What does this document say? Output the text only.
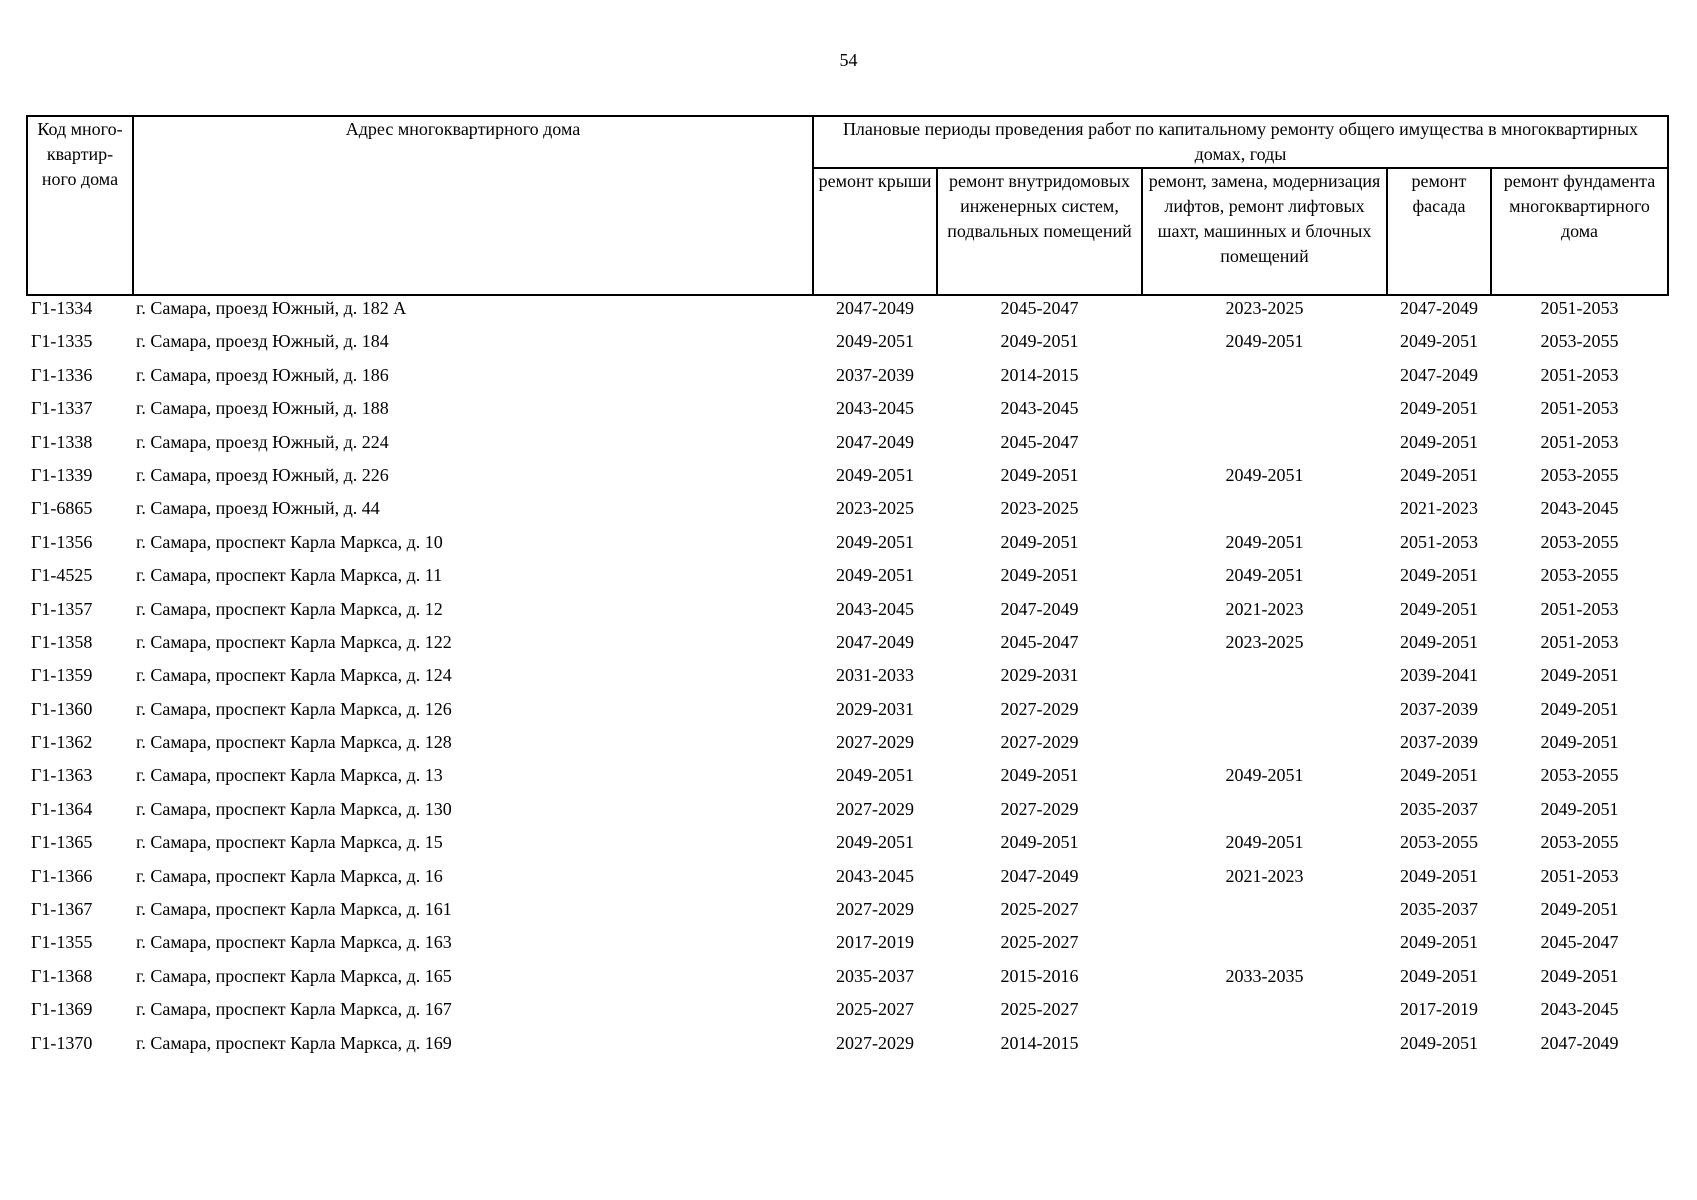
54
Код много-квартир-ного дома	Адрес многоквартирного дома	Плановые периоды проведения работ по капитальному ремонту общего имущества в многоквартирных домах, годы				
		ремонт крыши	ремонт внутридомовых инженерных систем, подвальных помещений	ремонт, замена, модернизация лифтов, ремонт лифтовых шахт, машинных и блочных помещений	ремонт фасада	ремонт фундамента многоквартирного дома
Г1-1334	г. Самара, проезд Южный, д. 182 А	2047-2049	2045-2047	2023-2025	2047-2049	2051-2053
Г1-1335	г. Самара, проезд Южный, д. 184	2049-2051	2049-2051	2049-2051	2049-2051	2053-2055
Г1-1336	г. Самара, проезд Южный, д. 186	2037-2039	2014-2015		2047-2049	2051-2053
Г1-1337	г. Самара, проезд Южный, д. 188	2043-2045	2043-2045		2049-2051	2051-2053
Г1-1338	г. Самара, проезд Южный, д. 224	2047-2049	2045-2047		2049-2051	2051-2053
Г1-1339	г. Самара, проезд Южный, д. 226	2049-2051	2049-2051	2049-2051	2049-2051	2053-2055
Г1-6865	г. Самара, проезд Южный, д. 44	2023-2025	2023-2025		2021-2023	2043-2045
Г1-1356	г. Самара, проспект Карла Маркса, д. 10	2049-2051	2049-2051	2049-2051	2051-2053	2053-2055
Г1-4525	г. Самара, проспект Карла Маркса, д. 11	2049-2051	2049-2051	2049-2051	2049-2051	2053-2055
Г1-1357	г. Самара, проспект Карла Маркса, д. 12	2043-2045	2047-2049	2021-2023	2049-2051	2051-2053
Г1-1358	г. Самара, проспект Карла Маркса, д. 122	2047-2049	2045-2047	2023-2025	2049-2051	2051-2053
Г1-1359	г. Самара, проспект Карла Маркса, д. 124	2031-2033	2029-2031		2039-2041	2049-2051
Г1-1360	г. Самара, проспект Карла Маркса, д. 126	2029-2031	2027-2029		2037-2039	2049-2051
Г1-1362	г. Самара, проспект Карла Маркса, д. 128	2027-2029	2027-2029		2037-2039	2049-2051
Г1-1363	г. Самара, проспект Карла Маркса, д. 13	2049-2051	2049-2051	2049-2051	2049-2051	2053-2055
Г1-1364	г. Самара, проспект Карла Маркса, д. 130	2027-2029	2027-2029		2035-2037	2049-2051
Г1-1365	г. Самара, проспект Карла Маркса, д. 15	2049-2051	2049-2051	2049-2051	2053-2055	2053-2055
Г1-1366	г. Самара, проспект Карла Маркса, д. 16	2043-2045	2047-2049	2021-2023	2049-2051	2051-2053
Г1-1367	г. Самара, проспект Карла Маркса, д. 161	2027-2029	2025-2027		2035-2037	2049-2051
Г1-1355	г. Самара, проспект Карла Маркса, д. 163	2017-2019	2025-2027		2049-2051	2045-2047
Г1-1368	г. Самара, проспект Карла Маркса, д. 165	2035-2037	2015-2016	2033-2035	2049-2051	2049-2051
Г1-1369	г. Самара, проспект Карла Маркса, д. 167	2025-2027	2025-2027		2017-2019	2043-2045
Г1-1370	г. Самара, проспект Карла Маркса, д. 169	2027-2029	2014-2015		2049-2051	2047-2049
